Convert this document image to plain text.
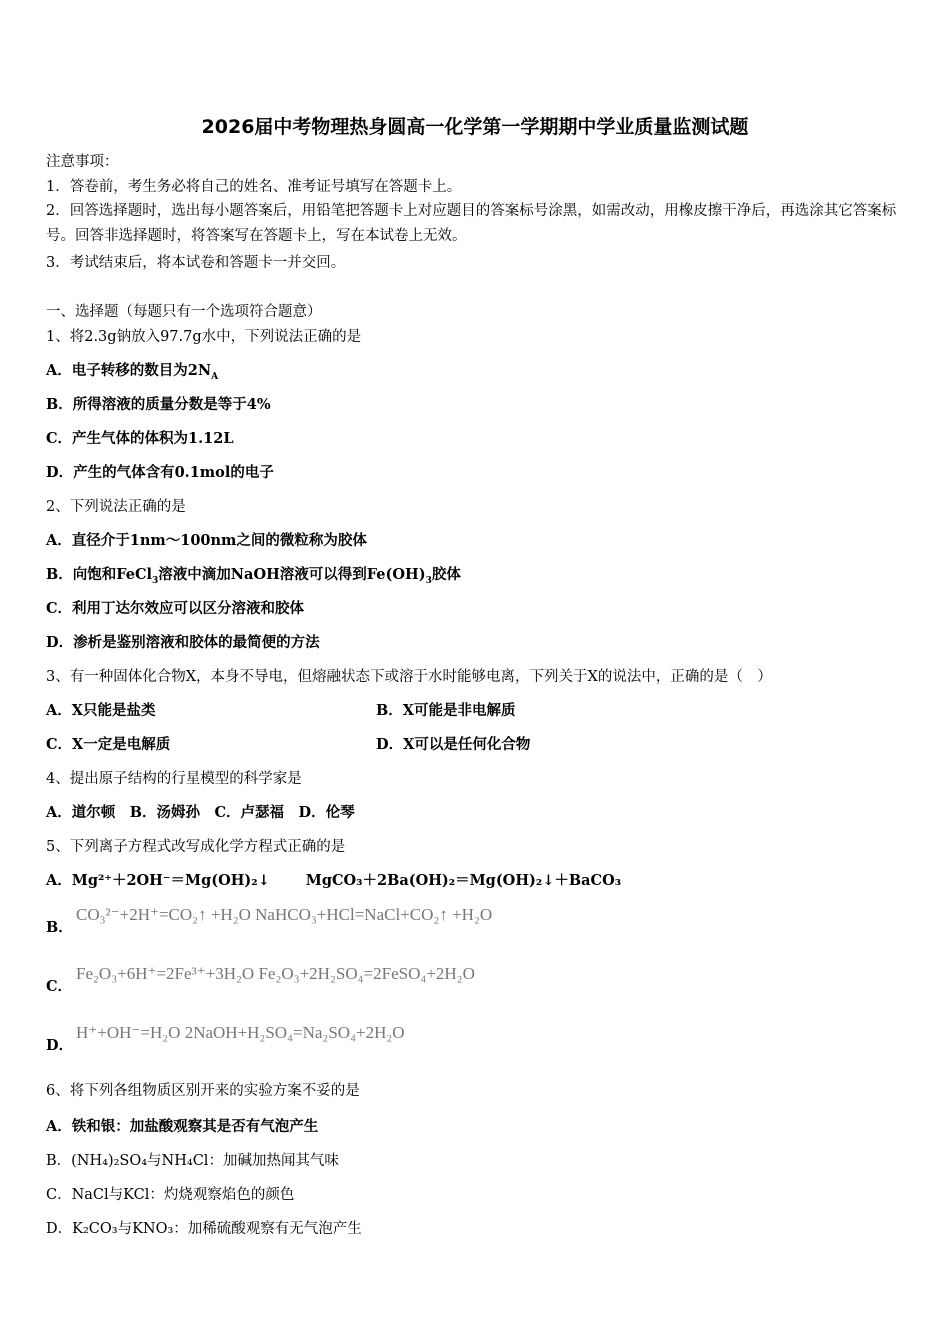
2026届中考物理热身圆高一化学第一学期期中学业质量监测试题
注意事项：
1．答卷前，考生务必将自己的姓名、准考证号填写在答题卡上。
2．回答选择题时，选出每小题答案后，用铅笔把答题卡上对应题目的答案标号涂黑，如需改动，用橡皮擦干净后，再选涂其它答案标号。回答非选择题时，将答案写在答题卡上，写在本试卷上无效。
3．考试结束后，将本试卷和答题卡一并交回。
一、选择题（每题只有一个选项符合题意）
1、将2.3g钠放入97.7g水中，下列说法正确的是
A．电子转移的数目为$2N_A$
B．所得溶液的质量分数是等于4%
C．产生气体的体积为1.12L
D．产生的气体含有0.1mol的电子
2、下列说法正确的是
A．直径介于1nm～100nm之间的微粒称为胶体
B．向饱和FeCl$_3$溶液中滴加NaOH溶液可以得到$Fe(OH)_3$胶体
C．利用丁达尔效应可以区分溶液和胶体
D．渗析是鉴别溶液和胶体的最简便的方法
3、有一种固体化合物X，本身不导电，但熔融状态下或溶于水时能够电离，下列关于X的说法中，正确的是（　）
A．X只能是盐类	B．X可能是非电解质
C．X一定是电解质	D．X可以是任何化合物
4、提出原子结构的行星模型的科学家是
A．道尔顿　B．汤姆孙　C．卢瑟福　D．伦琴
5、下列离子方程式改写成化学方程式正确的是
A．Mg²⁺＋2OH⁻＝Mg(OH)₂↓ MgCO₃＋2Ba(OH)₂＝Mg(OH)₂↓＋BaCO₃
B．
CO₃²⁻+2H⁺=CO₂↑ +H₂O NaHCO₃+HCl=NaCl+CO₂↑ +H₂O
C．
Fe₂O₃+6H⁺=2Fe³⁺+3H₂O Fe₂O₃+2H₂SO₄=2FeSO₄+2H₂O
D．
H⁺+OH⁻=H₂O 2NaOH+H₂SO₄=Na₂SO₄+2H₂O
6、将下列各组物质区别开来的实验方案不妥的是
A．铁和银：加盐酸观察其是否有气泡产生
B．(NH₄)₂SO₄与NH₄Cl：加碱加热闻其气味
C．NaCl与KCl：灼烧观察焰色的颜色
D．K₂CO₃与KNO₃：加稀硫酸观察有无气泡产生
